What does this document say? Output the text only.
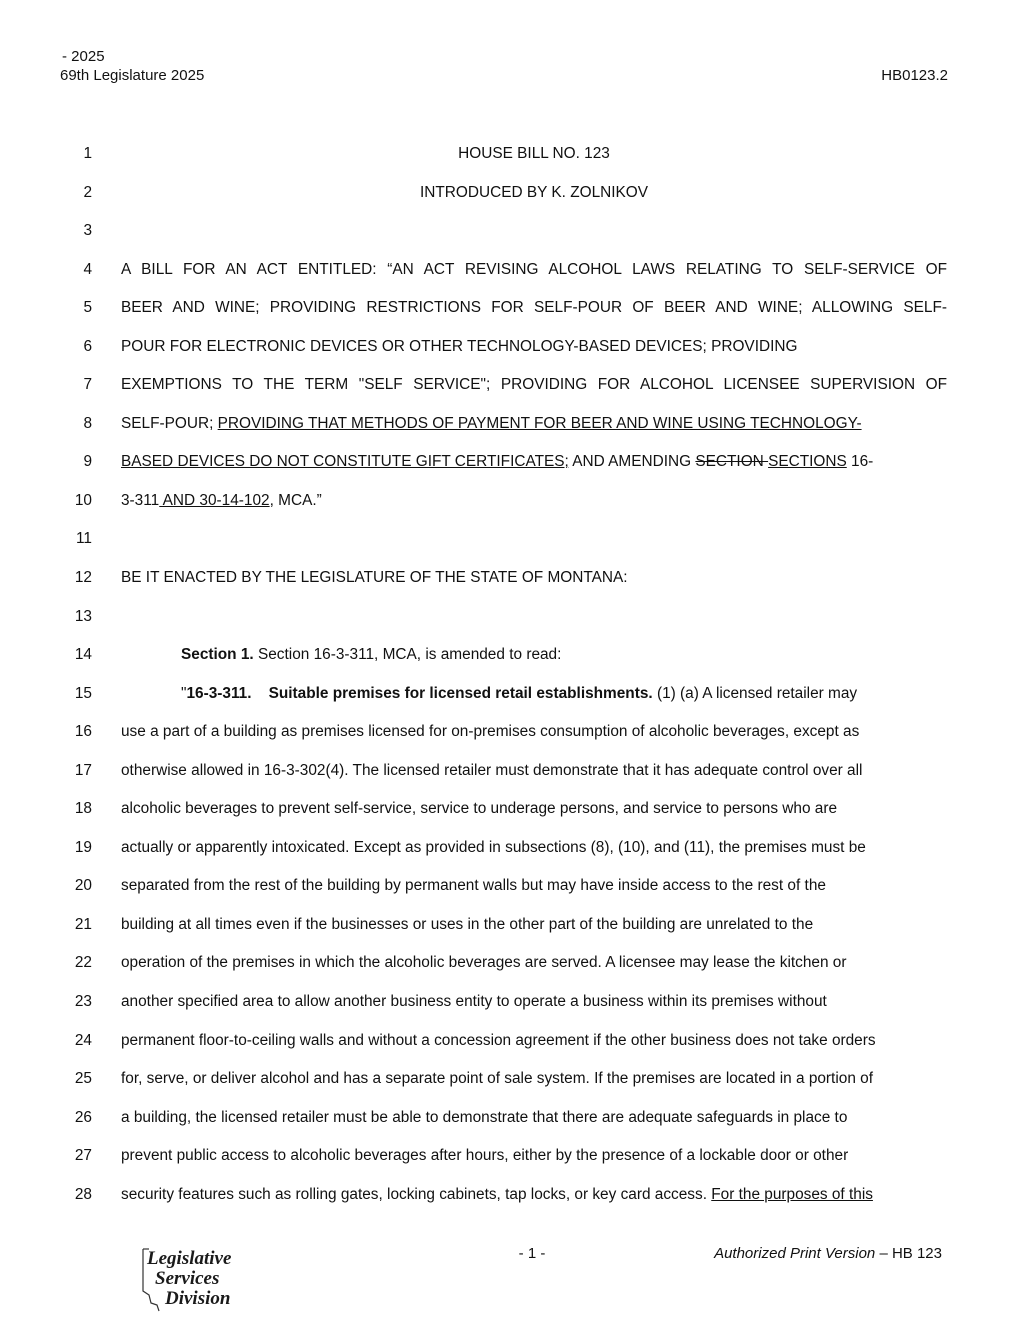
- 2025
69th Legislature 2025	HB0123.2
1	HOUSE BILL NO. 123
2	INTRODUCED BY K. ZOLNIKOV
3
4 A BILL FOR AN ACT ENTITLED: “AN ACT REVISING ALCOHOL LAWS RELATING TO SELF-SERVICE OF
5 BEER AND WINE; PROVIDING RESTRICTIONS FOR SELF-POUR OF BEER AND WINE; ALLOWING SELF-
6 POUR FOR ELECTRONIC DEVICES OR OTHER TECHNOLOGY-BASED DEVICES; PROVIDING
7 EXEMPTIONS TO THE TERM "SELF SERVICE"; PROVIDING FOR ALCOHOL LICENSEE SUPERVISION OF
8 SELF-POUR; PROVIDING THAT METHODS OF PAYMENT FOR BEER AND WINE USING TECHNOLOGY-
9 BASED DEVICES DO NOT CONSTITUTE GIFT CERTIFICATES; AND AMENDING SECTION SECTIONS 16-
10 3-311 AND 30-14-102, MCA.”
11
12 BE IT ENACTED BY THE LEGISLATURE OF THE STATE OF MONTANA:
13
14	Section 1. Section 16-3-311, MCA, is amended to read:
15	"16-3-311.    Suitable premises for licensed retail establishments. (1) (a) A licensed retailer may
16 use a part of a building as premises licensed for on-premises consumption of alcoholic beverages, except as
17 otherwise allowed in 16-3-302(4). The licensed retailer must demonstrate that it has adequate control over all
18 alcoholic beverages to prevent self-service, service to underage persons, and service to persons who are
19 actually or apparently intoxicated. Except as provided in subsections (8), (10), and (11), the premises must be
20 separated from the rest of the building by permanent walls but may have inside access to the rest of the
21 building at all times even if the businesses or uses in the other part of the building are unrelated to the
22 operation of the premises in which the alcoholic beverages are served. A licensee may lease the kitchen or
23 another specified area to allow another business entity to operate a business within its premises without
24 permanent floor-to-ceiling walls and without a concession agreement if the other business does not take orders
25 for, serve, or deliver alcohol and has a separate point of sale system. If the premises are located in a portion of
26 a building, the licensed retailer must be able to demonstrate that there are adequate safeguards in place to
27 prevent public access to alcoholic beverages after hours, either by the presence of a lockable door or other
28 security features such as rolling gates, locking cabinets, tap locks, or key card access. For the purposes of this
Legislative
Services
Division
- 1 -	Authorized Print Version – HB 123
